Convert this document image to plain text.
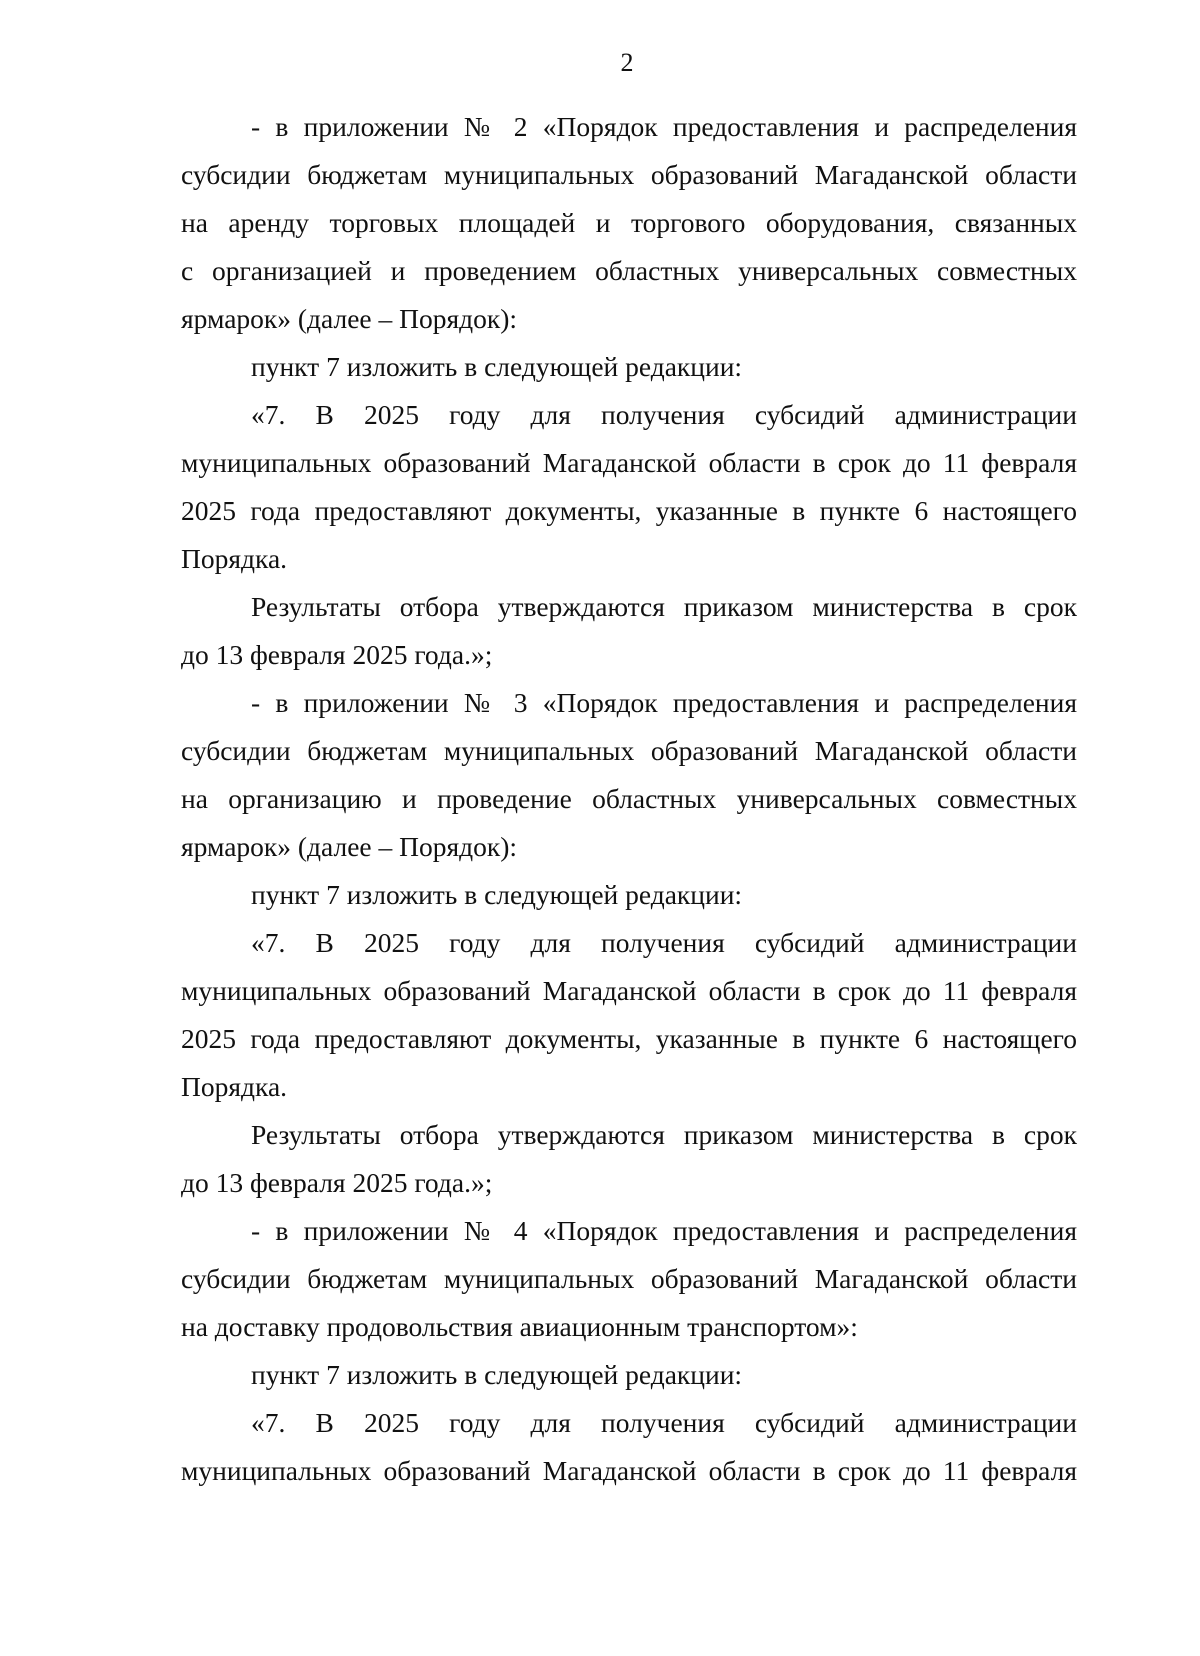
2
- в приложении № 2 «Порядок предоставления и распределения
субсидии бюджетам муниципальных образований Магаданской области
на аренду торговых площадей и торгового оборудования, связанных
с организацией и проведением областных универсальных совместных
ярмарок» (далее – Порядок):
пункт 7 изложить в следующей редакции:
«7. В 2025 году для получения субсидий администрации
муниципальных образований Магаданской области в срок до 11 февраля
2025 года предоставляют документы, указанные в пункте 6 настоящего
Порядка.
Результаты отбора утверждаются приказом министерства в срок
до 13 февраля 2025 года.»;
- в приложении № 3 «Порядок предоставления и распределения
субсидии бюджетам муниципальных образований Магаданской области
на организацию и проведение областных универсальных совместных
ярмарок» (далее – Порядок):
пункт 7 изложить в следующей редакции:
«7. В 2025 году для получения субсидий администрации
муниципальных образований Магаданской области в срок до 11 февраля
2025 года предоставляют документы, указанные в пункте 6 настоящего
Порядка.
Результаты отбора утверждаются приказом министерства в срок
до 13 февраля 2025 года.»;
- в приложении № 4 «Порядок предоставления и распределения
субсидии бюджетам муниципальных образований Магаданской области
на доставку продовольствия авиационным транспортом»:
пункт 7 изложить в следующей редакции:
«7. В 2025 году для получения субсидий администрации
муниципальных образований Магаданской области в срок до 11 февраля
